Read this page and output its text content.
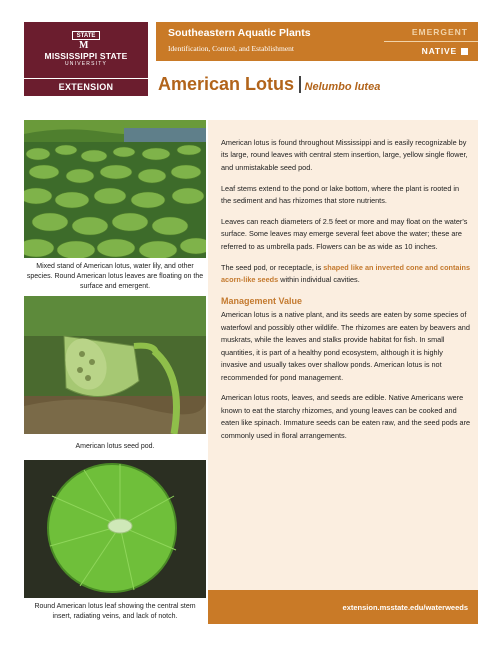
STATE
M
MISSISSIPPI STATE
UNIVERSITY
EXTENSION
Southeastern Aquatic Plants
Identification, Control, and Establishment
EMERGENT
NATIVE
American Lotus Nelumbo lutea
Mixed stand of American lotus, water lily, and other species. Round American lotus leaves are floating on the surface and emergent.
American lotus seed pod.
Round American lotus leaf showing the central stem insert, radiating veins, and lack of notch.

American lotus is found throughout Mississippi and is easily recognizable by its large, round leaves with central stem insertion, large, yellow single flower, and unmistakable seed pod.

Leaf stems extend to the pond or lake bottom, where the plant is rooted in the sediment and has rhizomes that store nutrients.

Leaves can reach diameters of 2.5 feet or more and may float on the water's surface. Some leaves may emerge several feet above the water; these are referred to as umbrella pads. Flowers can be as wide as 10 inches.

The seed pod, or receptacle, is shaped like an inverted cone and contains acorn-like seeds within individual cavities.

Management Value

American lotus is a native plant, and its seeds are eaten by some species of waterfowl and possibly other wildlife. The rhizomes are eaten by beavers and muskrats, while the leaves and stalks provide habitat for fish. In small quantities, it is part of a healthy pond ecosystem, although it is highly invasive and usually takes over shallow ponds. American lotus is not recommended for pond management.

American lotus roots, leaves, and seeds are edible. Native Americans were known to eat the starchy rhizomes, and young leaves can be cooked and eaten like spinach. Immature seeds can be eaten raw, and the seed pods are commonly used in floral arrangements.

extension.msstate.edu/waterweeds
